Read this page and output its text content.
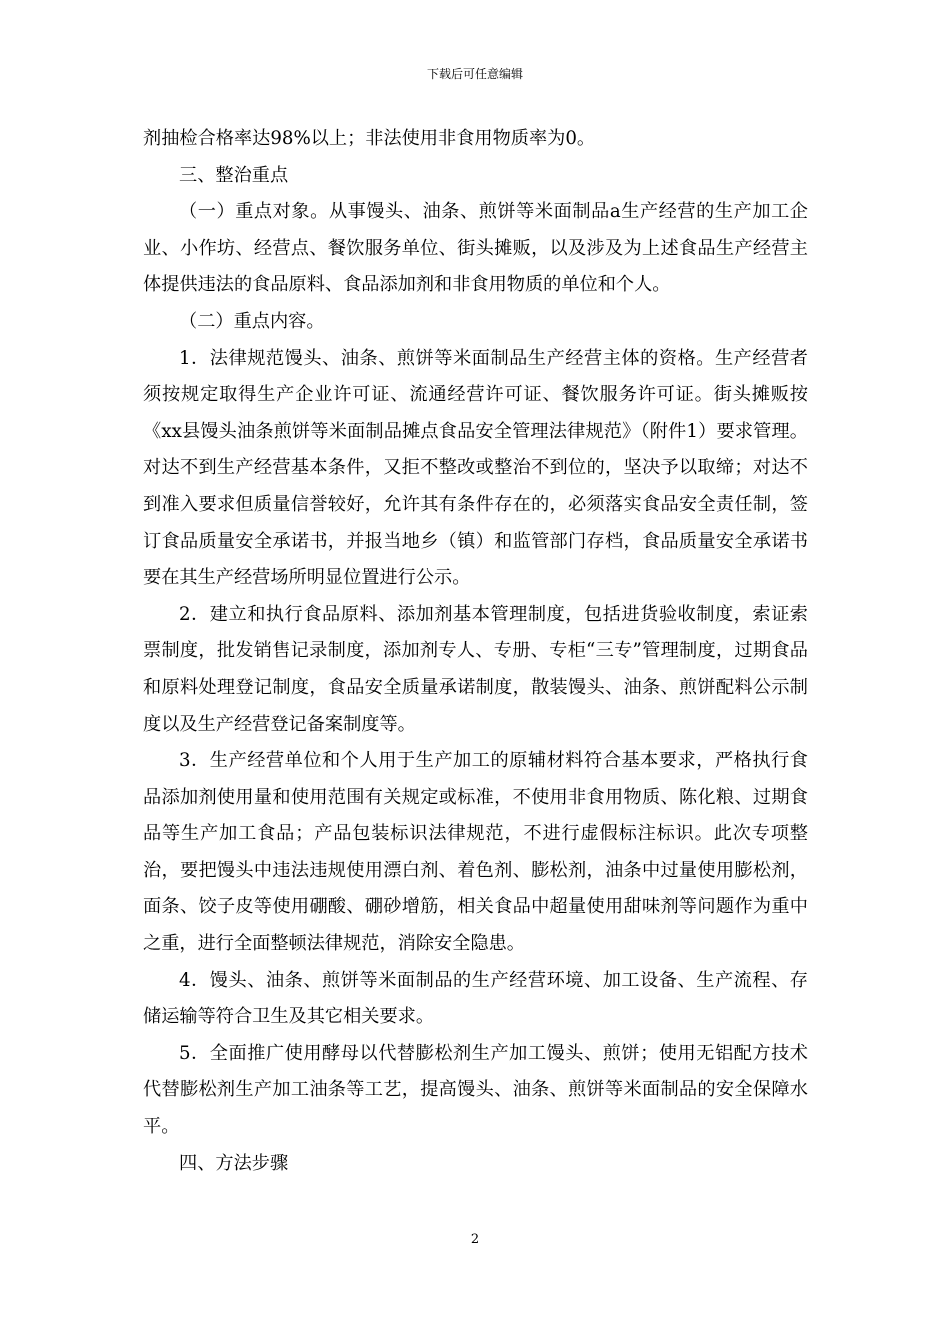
下载后可任意编辑

剂抽检合格率达98%以上；非法使用非食用物质率为0。

三、整治重点

（一）重点对象。从事馒头、油条、煎饼等米面制品a生产经营的生产加工企业、小作坊、经营点、餐饮服务单位、街头摊贩，以及涉及为上述食品生产经营主体提供违法的食品原料、食品添加剂和非食用物质的单位和个人。

（二）重点内容。

1．法律规范馒头、油条、煎饼等米面制品生产经营主体的资格。生产经营者须按规定取得生产企业许可证、流通经营许可证、餐饮服务许可证。街头摊贩按《xx县馒头油条煎饼等米面制品摊点食品安全管理法律规范》（附件1）要求管理。对达不到生产经营基本条件，又拒不整改或整治不到位的，坚决予以取缔；对达不到准入要求但质量信誉较好，允许其有条件存在的，必须落实食品安全责任制，签订食品质量安全承诺书，并报当地乡（镇）和监管部门存档，食品质量安全承诺书要在其生产经营场所明显位置进行公示。

2．建立和执行食品原料、添加剂基本管理制度，包括进货验收制度，索证索票制度，批发销售记录制度，添加剂专人、专册、专柜“三专”管理制度，过期食品和原料处理登记制度，食品安全质量承诺制度，散装馒头、油条、煎饼配料公示制度以及生产经营登记备案制度等。

3．生产经营单位和个人用于生产加工的原辅材料符合基本要求，严格执行食品添加剂使用量和使用范围有关规定或标准，不使用非食用物质、陈化粮、过期食品等生产加工食品；产品包装标识法律规范，不进行虚假标注标识。此次专项整治，要把馒头中违法违规使用漂白剂、着色剂、膨松剂，油条中过量使用膨松剂，面条、饺子皮等使用硼酸、硼砂增筋，相关食品中超量使用甜味剂等问题作为重中之重，进行全面整顿法律规范，消除安全隐患。

4．馒头、油条、煎饼等米面制品的生产经营环境、加工设备、生产流程、存储运输等符合卫生及其它相关要求。

5．全面推广使用酵母以代替膨松剂生产加工馒头、煎饼；使用无铝配方技术代替膨松剂生产加工油条等工艺，提高馒头、油条、煎饼等米面制品的安全保障水平。

四、方法步骤

2
